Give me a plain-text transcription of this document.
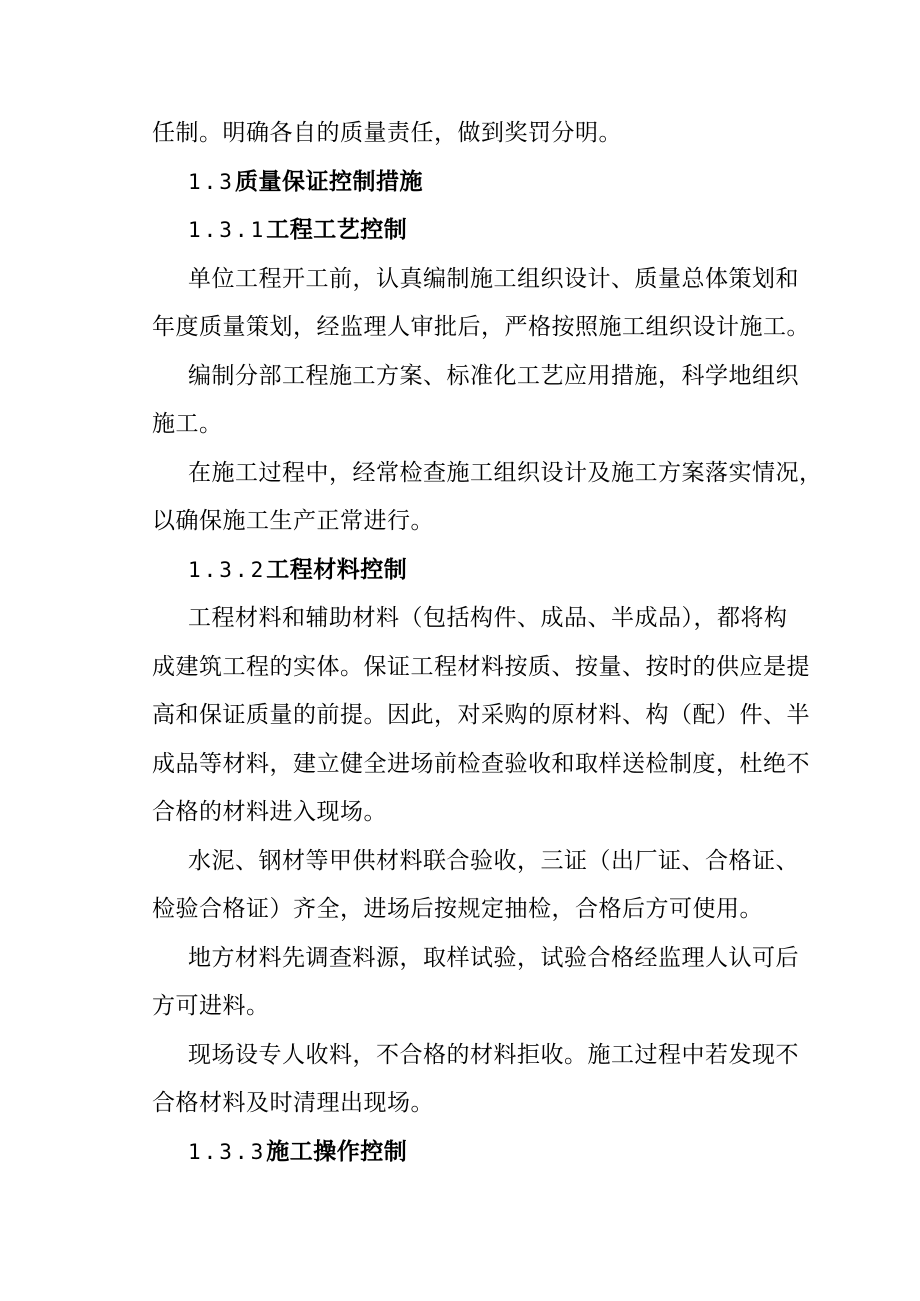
任制。明确各自的质量责任，做到奖罚分明。
1.3质量保证控制措施
1.3.1工程工艺控制
单位工程开工前，认真编制施工组织设计、质量总体策划和
年度质量策划，经监理人审批后，严格按照施工组织设计施工。
编制分部工程施工方案、标准化工艺应用措施，科学地组织
施工。
在施工过程中，经常检查施工组织设计及施工方案落实情况，
以确保施工生产正常进行。
1.3.2工程材料控制
工程材料和辅助材料（包括构件、成品、半成品），都将构
成建筑工程的实体。保证工程材料按质、按量、按时的供应是提
高和保证质量的前提。因此，对采购的原材料、构（配）件、半
成品等材料，建立健全进场前检查验收和取样送检制度，杜绝不
合格的材料进入现场。
水泥、钢材等甲供材料联合验收，三证（出厂证、合格证、
检验合格证）齐全，进场后按规定抽检，合格后方可使用。
地方材料先调查料源，取样试验，试验合格经监理人认可后
方可进料。
现场设专人收料，不合格的材料拒收。施工过程中若发现不
合格材料及时清理出现场。
1.3.3施工操作控制
